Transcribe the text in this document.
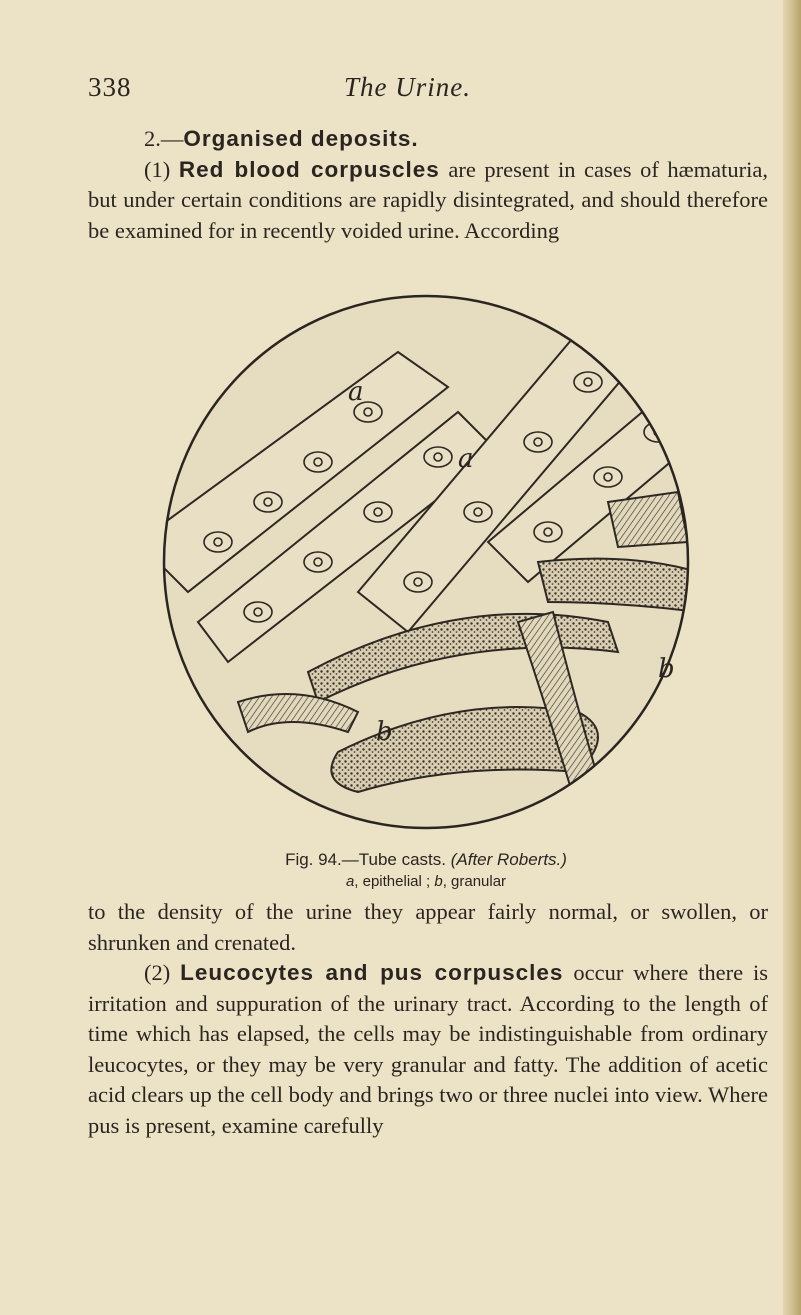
338	The Urine.

2.—Organised deposits.

(1) Red blood corpuscles are present in cases of hæmaturia, but under certain conditions are rapidly disintegrated, and should therefore be examined for in recently voided urine. According

a
a
b
b
Fig. 94.—Tube casts. (After Roberts.)
a, epithelial ; b, granular

to the density of the urine they appear fairly normal, or swollen, or shrunken and crenated.

(2) Leucocytes and pus corpuscles occur where there is irritation and suppuration of the urinary tract. According to the length of time which has elapsed, the cells may be indistinguishable from ordinary leucocytes, or they may be very granular and fatty. The addition of acetic acid clears up the cell body and brings two or three nuclei into view. Where pus is present, examine carefully
